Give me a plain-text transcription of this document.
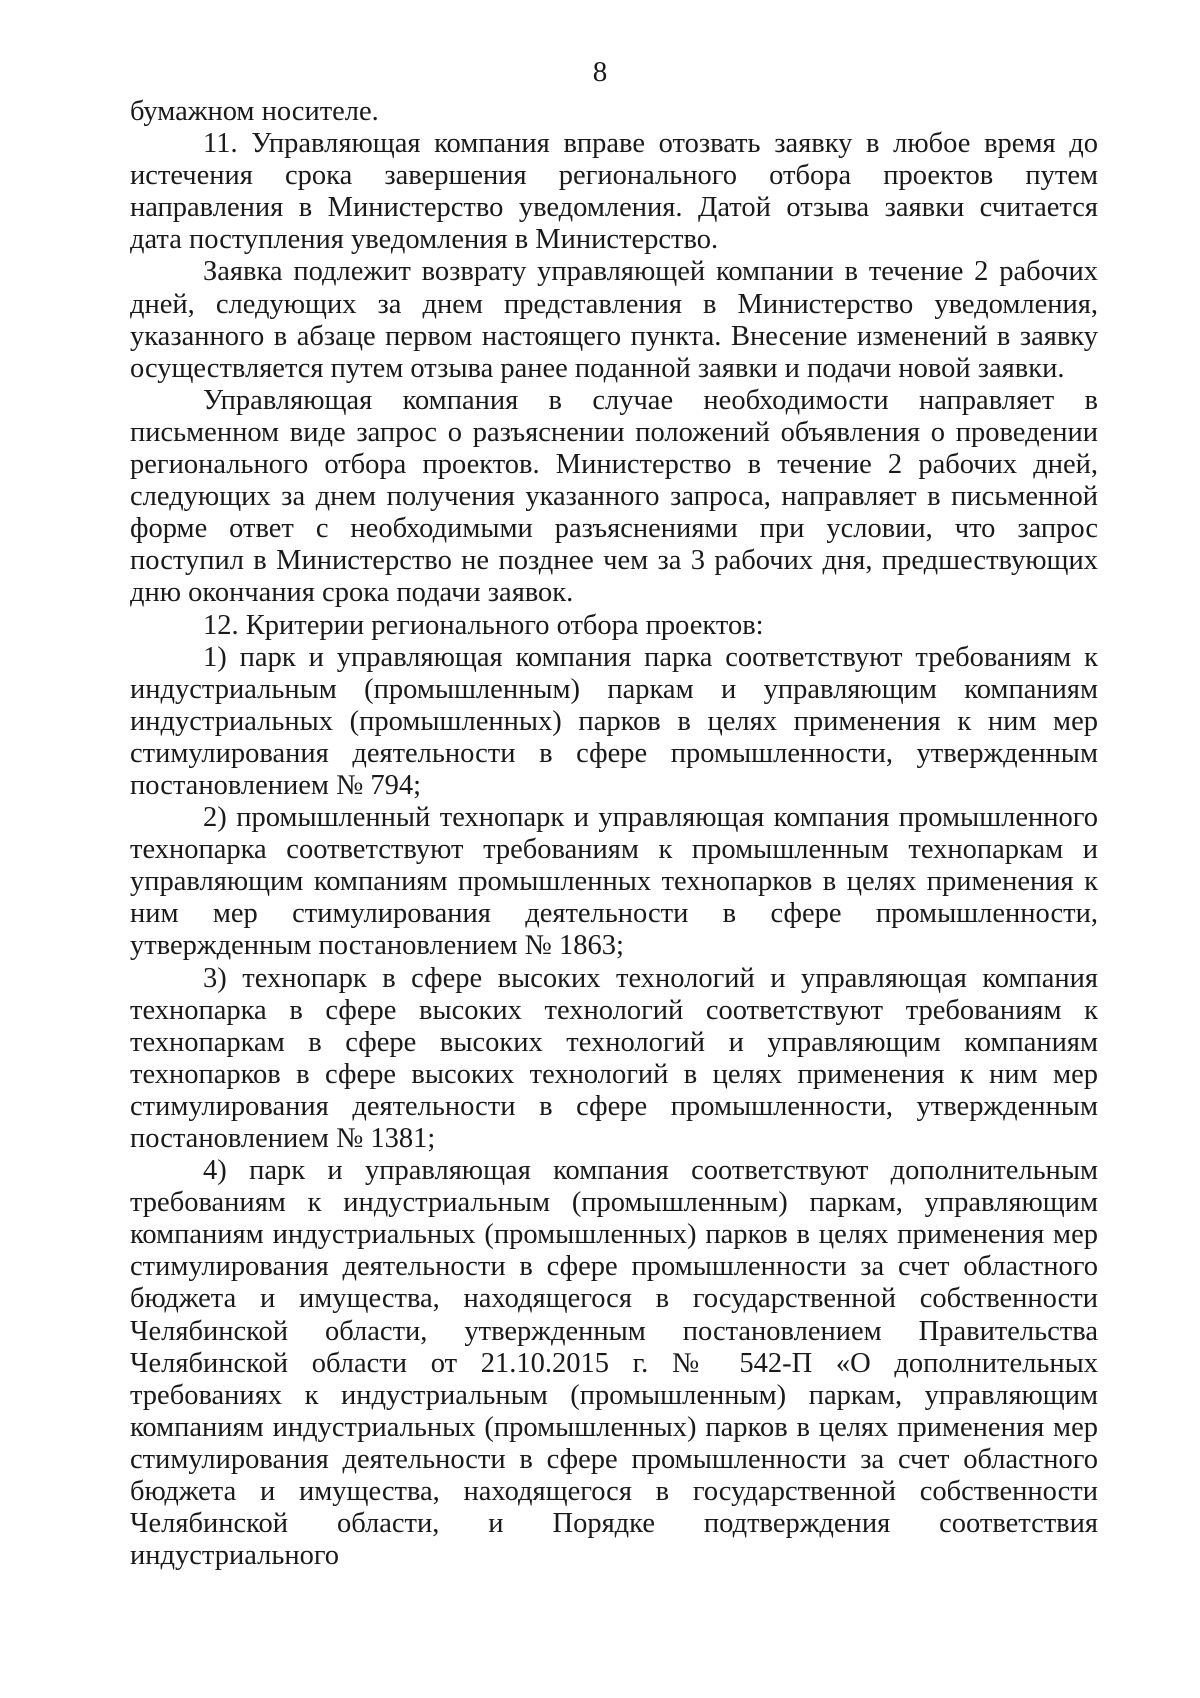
8

бумажном носителе.

11. Управляющая компания вправе отозвать заявку в любое время до истечения срока завершения регионального отбора проектов путем направления в Министерство уведомления. Датой отзыва заявки считается дата поступления уведомления в Министерство.

Заявка подлежит возврату управляющей компании в течение 2 рабочих дней, следующих за днем представления в Министерство уведомления, указанного в абзаце первом настоящего пункта. Внесение изменений в заявку осуществляется путем отзыва ранее поданной заявки и подачи новой заявки.

Управляющая компания в случае необходимости направляет в письменном виде запрос о разъяснении положений объявления о проведении регионального отбора проектов. Министерство в течение 2 рабочих дней, следующих за днем получения указанного запроса, направляет в письменной форме ответ с необходимыми разъяснениями при условии, что запрос поступил в Министерство не позднее чем за 3 рабочих дня, предшествующих дню окончания срока подачи заявок.

12. Критерии регионального отбора проектов:

1) парк и управляющая компания парка соответствуют требованиям к индустриальным (промышленным) паркам и управляющим компаниям индустриальных (промышленных) парков в целях применения к ним мер стимулирования деятельности в сфере промышленности, утвержденным постановлением № 794;

2) промышленный технопарк и управляющая компания промышленного технопарка соответствуют требованиям к промышленным технопаркам и управляющим компаниям промышленных технопарков в целях применения к ним мер стимулирования деятельности в сфере промышленности, утвержденным постановлением № 1863;

3) технопарк в сфере высоких технологий и управляющая компания технопарка в сфере высоких технологий соответствуют требованиям к технопаркам в сфере высоких технологий и управляющим компаниям технопарков в сфере высоких технологий в целях применения к ним мер стимулирования деятельности в сфере промышленности, утвержденным постановлением № 1381;

4) парк и управляющая компания соответствуют дополнительным требованиям к индустриальным (промышленным) паркам, управляющим компаниям индустриальных (промышленных) парков в целях применения мер стимулирования деятельности в сфере промышленности за счет областного бюджета и имущества, находящегося в государственной собственности Челябинской области, утвержденным постановлением Правительства Челябинской области от 21.10.2015 г. № 542-П «О дополнительных требованиях к индустриальным (промышленным) паркам, управляющим компаниям индустриальных (промышленных) парков в целях применения мер стимулирования деятельности в сфере промышленности за счет областного бюджета и имущества, находящегося в государственной собственности Челябинской области, и Порядке подтверждения соответствия индустриального
